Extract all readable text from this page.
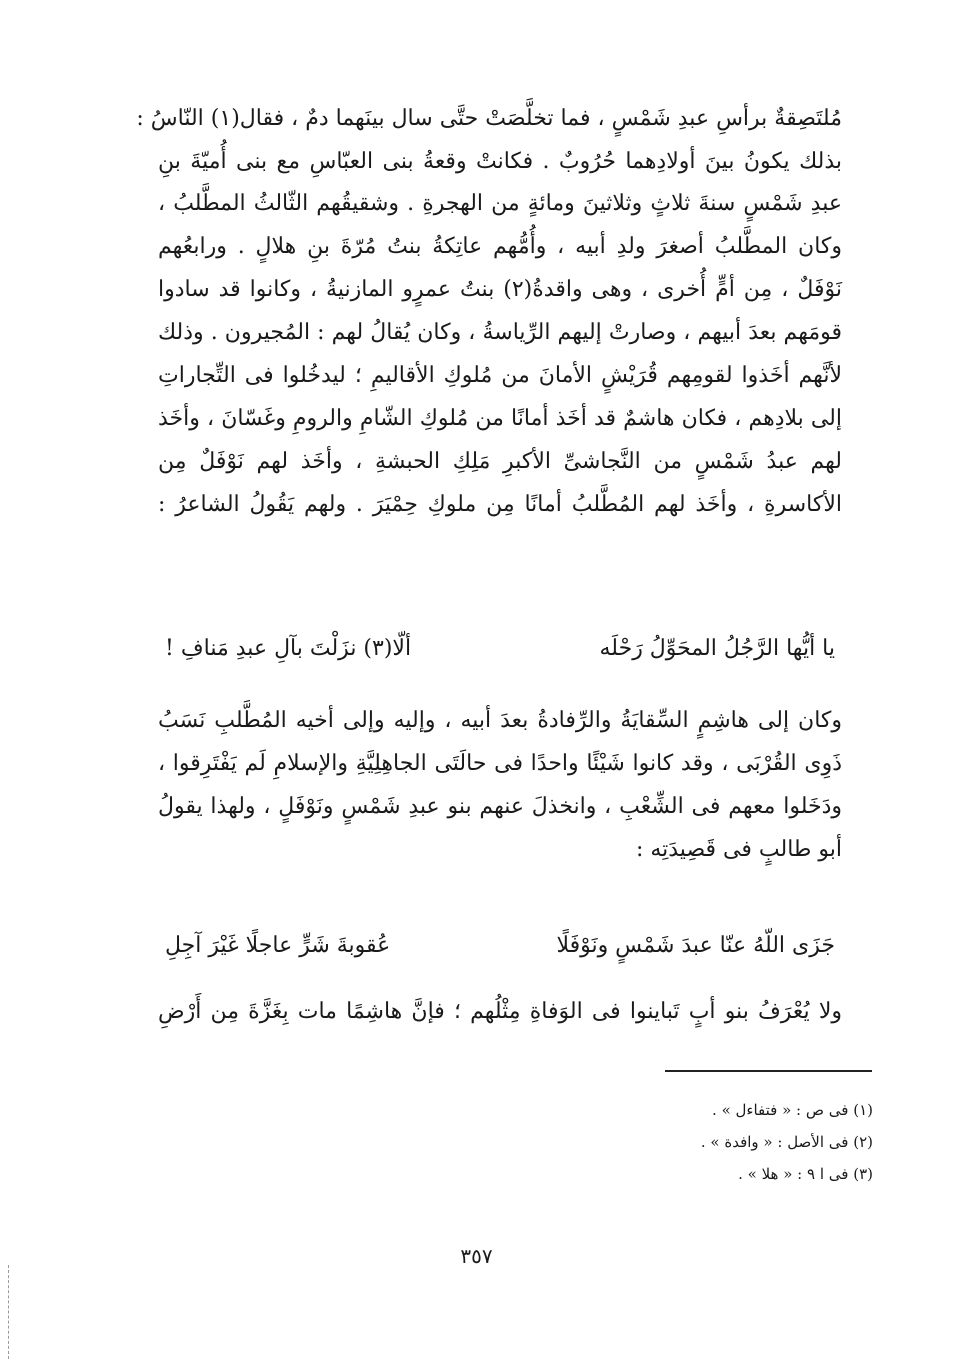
مُلتَصِقةٌ برأسِ عبدِ شَمْسٍ ، فما تخلَّصَتْ حتَّى سال بينَهما دمٌ ، فقال(١) النّاسُ :
بذلك يكونُ بينَ أولادِهما حُرُوبٌ . فكانتْ وقعةُ بنى العبّاسِ مع بنى أُميّةَ بنِ
عبدِ شَمْسٍ سنةَ ثلاثٍ وثلاثينَ ومائةٍ من الهجرةِ . وشقيقُهم الثّالثُ المطَّلبُ ،
وكان المطَّلبُ أصغرَ ولدِ أبيه ، وأُمُّهم عاتِكةُ بنتُ مُرّةَ بنِ هلالٍ . ورابعُهم
نَوْفَلٌ ، مِن أمٍّ أُخرى ، وهى واقدةُ(٢) بنتُ عمرٍو المازنيةُ ، وكانوا قد سادوا
قومَهم بعدَ أبيهم ، وصارتْ إليهم الرِّياسةُ ، وكان يُقالُ لهم : المُجيرون . وذلك
لأنَّهم أخَذوا لقومِهم قُرَيْشٍ الأمانَ من مُلوكِ الأقاليمِ ؛ ليدخُلوا فى التِّجاراتِ
إلى بلادِهم ، فكان هاشمٌ قد أخَذ أمانًا من مُلوكِ الشّامِ والرومِ وغَسّانَ ، وأخَذ
لهم عبدُ شَمْسٍ من النَّجاشىِّ الأكبرِ مَلِكِ الحبشةِ ، وأخَذ لهم نَوْفَلٌ مِن
الأكاسرةِ ، وأخَذ لهم المُطَّلبُ أمانًا مِن ملوكِ حِمْيَرَ . ولهم يَقُولُ الشاعرُ :
يا أيُّها الرَّجُلُ المحَوِّلُ رَحْلَه
ألّا(٣) نزَلْتَ بآلِ عبدِ مَنافِ !
وكان إلى هاشِمٍ السِّقايَةُ والرِّفادةُ بعدَ أبيه ، وإليه وإلى أخيه المُطَّلبِ نَسَبُ
ذَوِى القُرْبَى ، وقد كانوا شَيْئًا واحدًا فى حالَتَى الجاهِلِيَّةِ والإسلامِ لَم يَفْتَرِقوا ،
ودَخَلوا معهم فى الشِّعْبِ ، وانخذلَ عنهم بنو عبدِ شَمْسٍ ونَوْفَلٍ ، ولهذا يقولُ
أبو طالبٍ فى قَصِيدَتِه :
جَزَى اللّهُ عنّا عبدَ شَمْسٍ ونَوْفَلًا
عُقوبةَ شَرٍّ عاجلًا غَيْرَ آجِلِ
ولا يُعْرَفُ بنو أبٍ تَباينوا فى الوَفاةِ مِثْلُهم ؛ فإنَّ هاشِمًا مات بِغَزَّةَ مِن أَرْضِ
(١) فى ص : « فتفاءل » .
(٢) فى الأصل : « وافدة » .
(٣) فى ا ٩ : « هلا » .
٣٥٧
